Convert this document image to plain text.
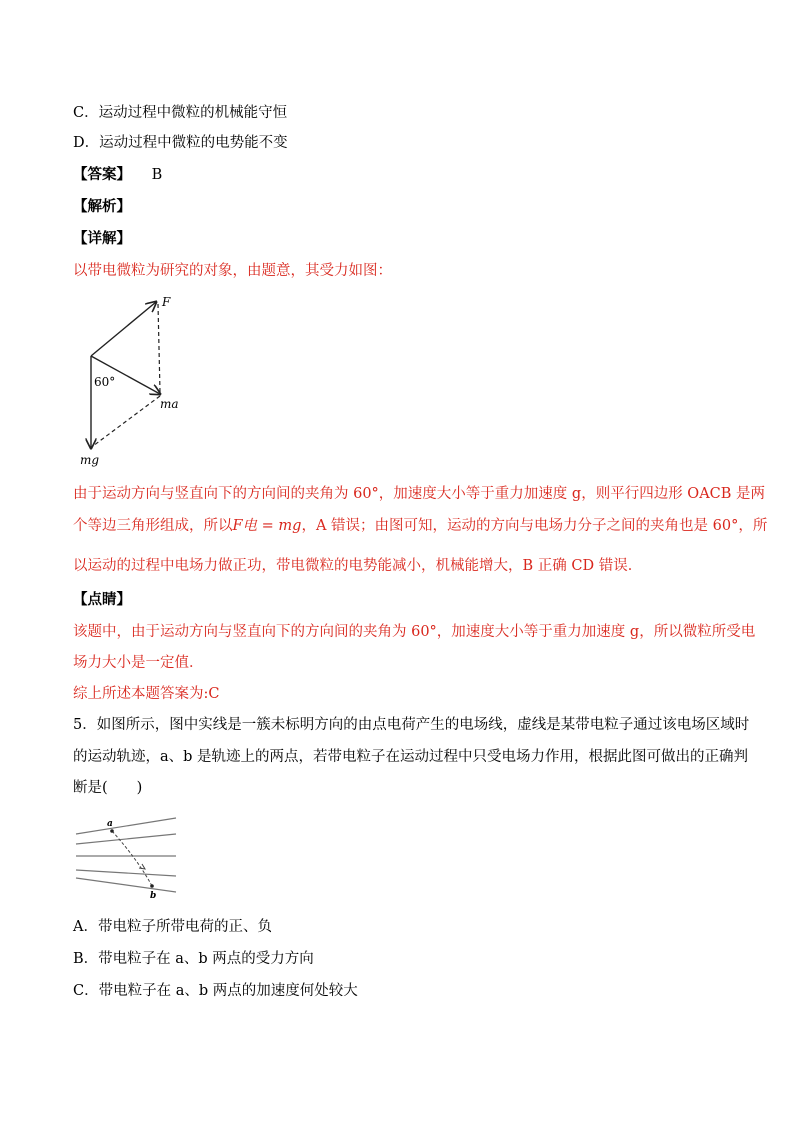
C．运动过程中微粒的机械能守恒
D．运动过程中微粒的电势能不变
【答案】 B
【解析】
【详解】
以带电微粒为研究的对象，由题意，其受力如图：
F
ma
mg
60°
由于运动方向与竖直向下的方向间的夹角为 60°，加速度大小等于重力加速度 g，则平行四边形 OACB 是两
个等边三角形组成，所以F电 = mg，A 错误；由图可知，运动的方向与电场力分子之间的夹角也是 60°，所
以运动的过程中电场力做正功，带电微粒的电势能减小，机械能增大，B 正确 CD 错误．
【点睛】
该题中，由于运动方向与竖直向下的方向间的夹角为 60°，加速度大小等于重力加速度 g，所以微粒所受电
场力大小是一定值．
综上所述本题答案为:C
5．如图所示，图中实线是一簇未标明方向的由点电荷产生的电场线，虚线是某带电粒子通过该电场区域时
的运动轨迹，a、b 是轨迹上的两点，若带电粒子在运动过程中只受电场力作用，根据此图可做出的正确判
断是(　　)
a
b
A．带电粒子所带电荷的正、负
B．带电粒子在 a、b 两点的受力方向
C．带电粒子在 a、b 两点的加速度何处较大
